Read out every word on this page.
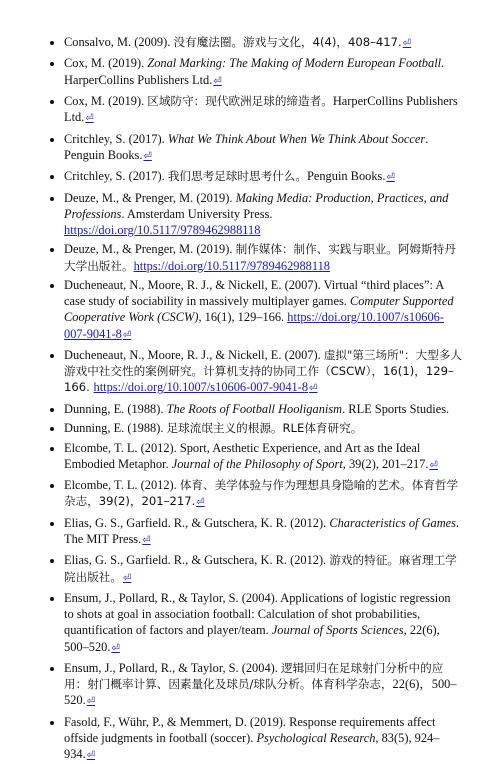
• Consalvo, M. (2009). 没有魔法圈。游戏与文化，4(4)，408–417.⏎
• Cox, M. (2019). Zonal Marking: The Making of Modern European Football. HarperCollins Publishers Ltd.⏎
• Cox, M. (2019). 区域防守：现代欧洲足球的缔造者。HarperCollins Publishers Ltd.⏎
• Critchley, S. (2017). What We Think About When We Think About Soccer. Penguin Books.⏎
• Critchley, S. (2017). 我们思考足球时思考什么。Penguin Books.⏎
• Deuze, M., & Prenger, M. (2019). Making Media: Production, Practices, and Professions. Amsterdam University Press. https://doi.org/10.5117/9789462988118
• Deuze, M., & Prenger, M. (2019). 制作媒体：制作、实践与职业。阿姆斯特丹大学出版社。https://doi.org/10.5117/9789462988118
• Ducheneaut, N., Moore, R. J., & Nickell, E. (2007). Virtual “third places”: A case study of sociability in massively multiplayer games. Computer Supported Cooperative Work (CSCW), 16(1), 129–166. https://doi.org/10.1007/s10606-007-9041-8⏎
• Ducheneaut, N., Moore, R. J., & Nickell, E. (2007). 虚拟"第三场所"：大型多人游戏中社交性的案例研究。计算机支持的协同工作（CSCW），16(1)，129–166. https://doi.org/10.1007/s10606-007-9041-8⏎
• Dunning, E. (1988). The Roots of Football Hooliganism. RLE Sports Studies.
• Dunning, E. (1988). 足球流氓主义的根源。RLE体育研究。
• Elcombe, T. L. (2012). Sport, Aesthetic Experience, and Art as the Ideal Embodied Metaphor. Journal of the Philosophy of Sport, 39(2), 201–217.⏎
• Elcombe, T. L. (2012). 体育、美学体验与作为理想具身隐喻的艺术。体育哲学杂志，39(2)，201–217.⏎
• Elias, G. S., Garfield. R., & Gutschera, K. R. (2012). Characteristics of Games. The MIT Press.⏎
• Elias, G. S., Garfield. R., & Gutschera, K. R. (2012). 游戏的特征。麻省理工学院出版社。⏎
• Ensum, J., Pollard, R., & Taylor, S. (2004). Applications of logistic regression to shots at goal in association football: Calculation of shot probabilities, quantification of factors and player/team. Journal of Sports Sciences, 22(6), 500–520.⏎
• Ensum, J., Pollard, R., & Taylor, S. (2004). 逻辑回归在足球射门分析中的应用：射门概率计算、因素量化及球员/球队分析。体育科学杂志，22(6)，500–520.⏎
• Fasold, F., Wühr, P., & Memmert, D. (2019). Response requirements affect offside judgments in football (soccer). Psychological Research, 83(5), 924–934.⏎
